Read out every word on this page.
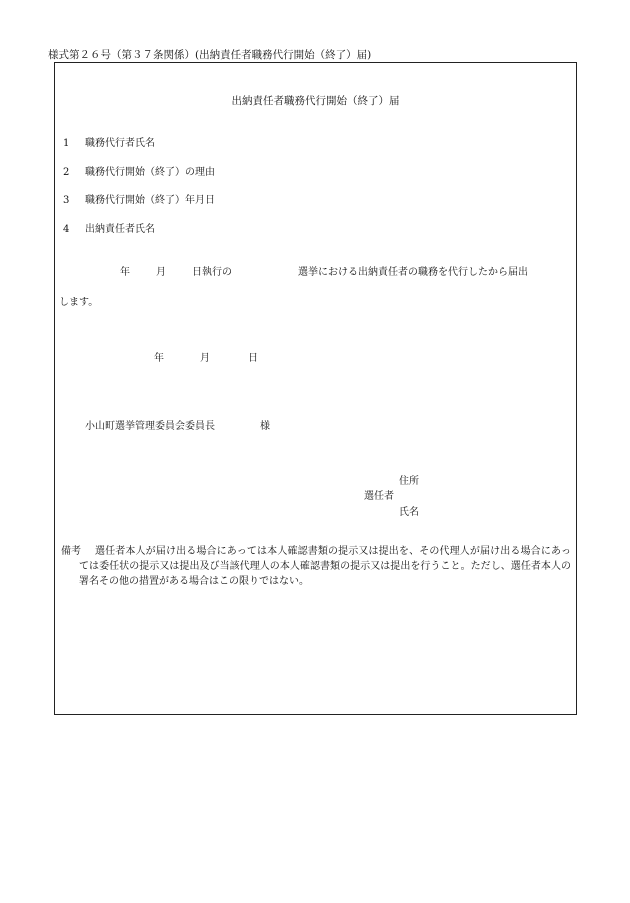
様式第２６号（第３７条関係）(出納責任者職務代行開始（終了）届)
出納責任者職務代行開始（終了）届
1 職務代行者氏名
2 職務代行開始（終了）の理由
3 職務代行開始（終了）年月日
4 出納責任者氏名
年	月	日執行の	選挙における出納責任者の職務を代行したから届出
します。
年	月	日
小山町選挙管理委員会委員長	様
住所
選任者
氏名
備考	選任者本人が届け出る場合にあっては本人確認書類の提示又は提出を、その代理人が届け出る場合にあっては委任状の提示又は提出及び当該代理人の本人確認書類の提示又は提出を行うこと。ただし、選任者本人の署名その他の措置がある場合はこの限りではない。
